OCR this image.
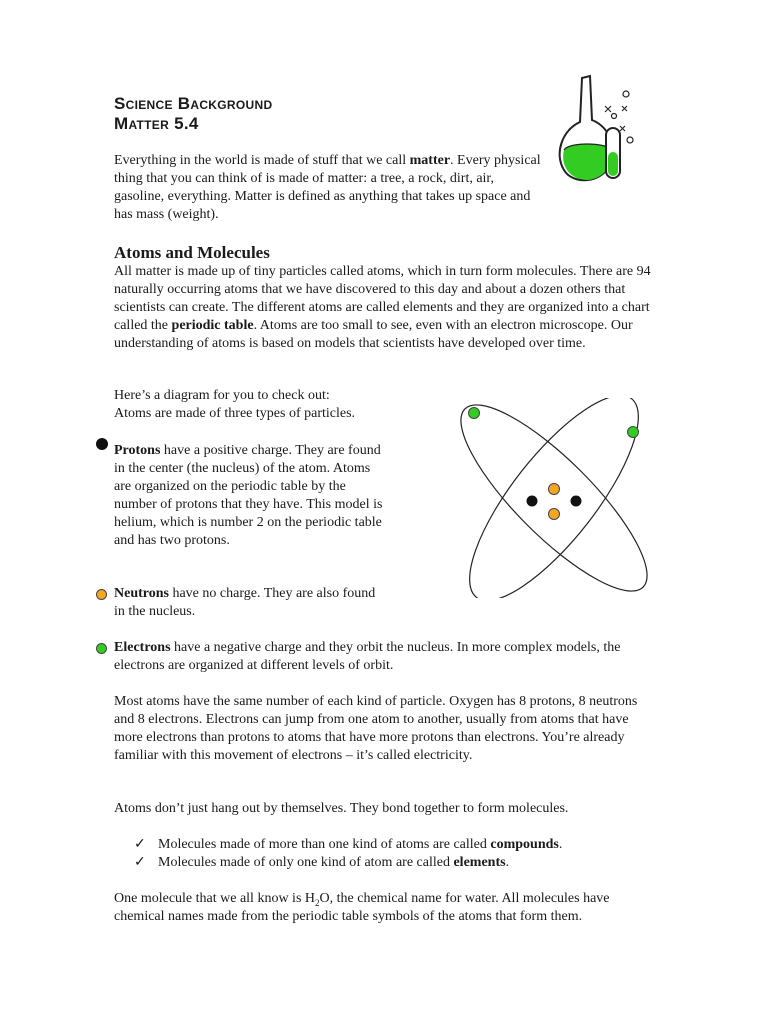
Science Background
Matter 5.4

Everything in the world is made of stuff that we call matter. Every physical thing that you can think of is made of matter: a tree, a rock, dirt, air, gasoline, everything. Matter is defined as anything that takes up space and has mass (weight).

Atoms and Molecules

All matter is made up of tiny particles called atoms, which in turn form molecules. There are 94 naturally occurring atoms that we have discovered to this day and about a dozen others that scientists can create. The different atoms are called elements and they are organized into a chart called the periodic table. Atoms are too small to see, even with an electron microscope. Our understanding of atoms is based on models that scientists have developed over time.

Here’s a diagram for you to check out:
Atoms are made of three types of particles.

Protons have a positive charge. They are found in the center (the nucleus) of the atom. Atoms are organized on the periodic table by the number of protons that they have. This model is helium, which is number 2 on the periodic table and has two protons.

Neutrons have no charge. They are also found in the nucleus.

Electrons have a negative charge and they orbit the nucleus. In more complex models, the electrons are organized at different levels of orbit.

Most atoms have the same number of each kind of particle. Oxygen has 8 protons, 8 neutrons and 8 electrons. Electrons can jump from one atom to another, usually from atoms that have more electrons than protons to atoms that have more protons than electrons. You’re already familiar with this movement of electrons – it’s called electricity.

Atoms don’t just hang out by themselves. They bond together to form molecules.

✓ Molecules made of more than one kind of atoms are called compounds.
✓ Molecules made of only one kind of atom are called elements.

One molecule that we all know is $H_2O$, the chemical name for water. All molecules have chemical names made from the periodic table symbols of the atoms that form them.
